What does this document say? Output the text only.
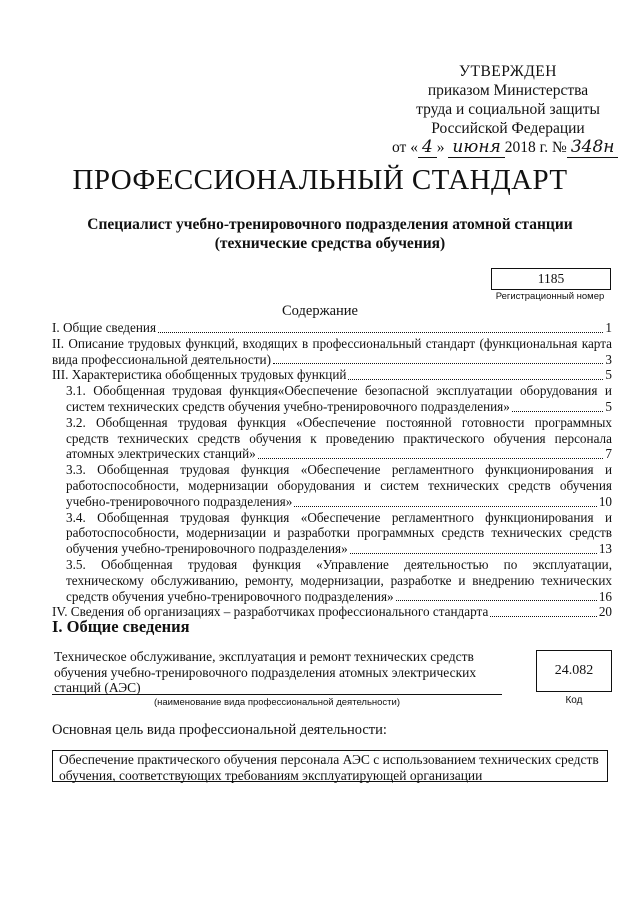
УТВЕРЖДЕН
приказом Министерства
труда и социальной защиты
Российской Федерации
от « 4 » июня 2018 г. № 348н
ПРОФЕССИОНАЛЬНЫЙ СТАНДАРТ
Специалист учебно-тренировочного подразделения атомной станции
(технические средства обучения)
1185
Регистрационный номер
Содержание
I. Общие сведения	1
II. Описание трудовых функций, входящих в профессиональный стандарт (функциональная карта
вида профессиональной деятельности)	3
III. Характеристика обобщенных трудовых функций	5
3.1. Обобщенная трудовая функция«Обеспечение безопасной эксплуатации оборудования и
систем технических средств обучения учебно-тренировочного подразделения»	5
3.2. Обобщенная трудовая функция «Обеспечение постоянной готовности программных
средств технических средств обучения к проведению практического обучения персонала
атомных электрических станций»	7
3.3. Обобщенная трудовая функция «Обеспечение регламентного функционирования и
работоспособности, модернизации оборудования и систем технических средств обучения
учебно-тренировочного подразделения»	10
3.4. Обобщенная трудовая функция «Обеспечение регламентного функционирования и
работоспособности, модернизации и разработки программных средств технических средств
обучения учебно-тренировочного подразделения»	13
3.5. Обобщенная трудовая функция «Управление деятельностью по эксплуатации,
техническому обслуживанию, ремонту, модернизации, разработке и внедрению технических
средств обучения учебно-тренировочного подразделения»	16
IV. Сведения об организациях – разработчиках профессионального стандарта	20
I. Общие сведения
Техническое обслуживание, эксплуатация и ремонт технических средств обучения учебно-тренировочного подразделения атомных электрических станций (АЭС)
(наименование вида профессиональной деятельности)
24.082
Код
Основная цель вида профессиональной деятельности:
Обеспечение практического обучения персонала АЭС с использованием технических средств обучения, соответствующих требованиям эксплуатирующей организации
